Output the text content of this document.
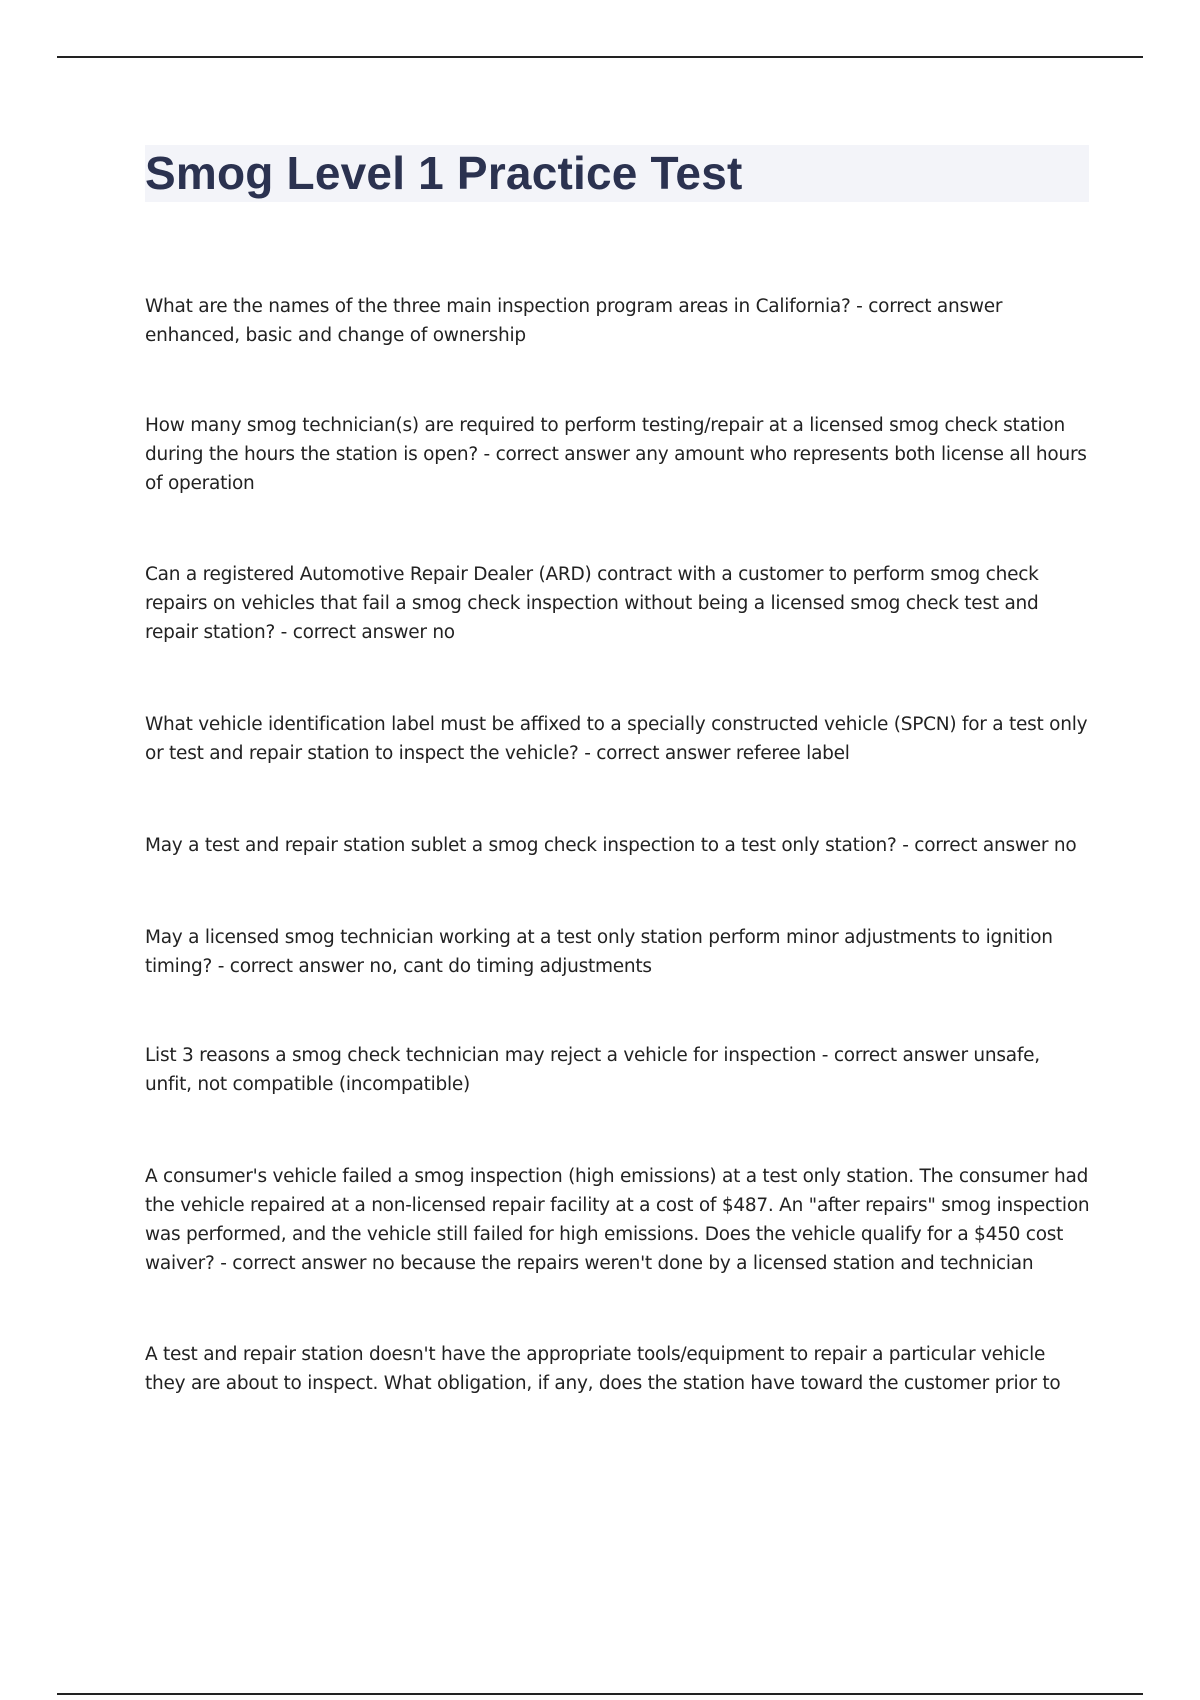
Smog Level 1 Practice Test

What are the names of the three main inspection program areas in California? - correct answer enhanced, basic and change of ownership

How many smog technician(s) are required to perform testing/repair at a licensed smog check station during the hours the station is open? - correct answer any amount who represents both license all hours of operation

Can a registered Automotive Repair Dealer (ARD) contract with a customer to perform smog check repairs on vehicles that fail a smog check inspection without being a licensed smog check test and repair station? - correct answer no

What vehicle identification label must be affixed to a specially constructed vehicle (SPCN) for a test only or test and repair station to inspect the vehicle? - correct answer referee label

May a test and repair station sublet a smog check inspection to a test only station? - correct answer no

May a licensed smog technician working at a test only station perform minor adjustments to ignition timing? - correct answer no, cant do timing adjustments

List 3 reasons a smog check technician may reject a vehicle for inspection - correct answer unsafe, unfit, not compatible (incompatible)

A consumer's vehicle failed a smog inspection (high emissions) at a test only station. The consumer had the vehicle repaired at a non-licensed repair facility at a cost of $487. An "after repairs" smog inspection was performed, and the vehicle still failed for high emissions. Does the vehicle qualify for a $450 cost waiver? - correct answer no because the repairs weren't done by a licensed station and technician

A test and repair station doesn't have the appropriate tools/equipment to repair a particular vehicle they are about to inspect. What obligation, if any, does the station have toward the customer prior to
